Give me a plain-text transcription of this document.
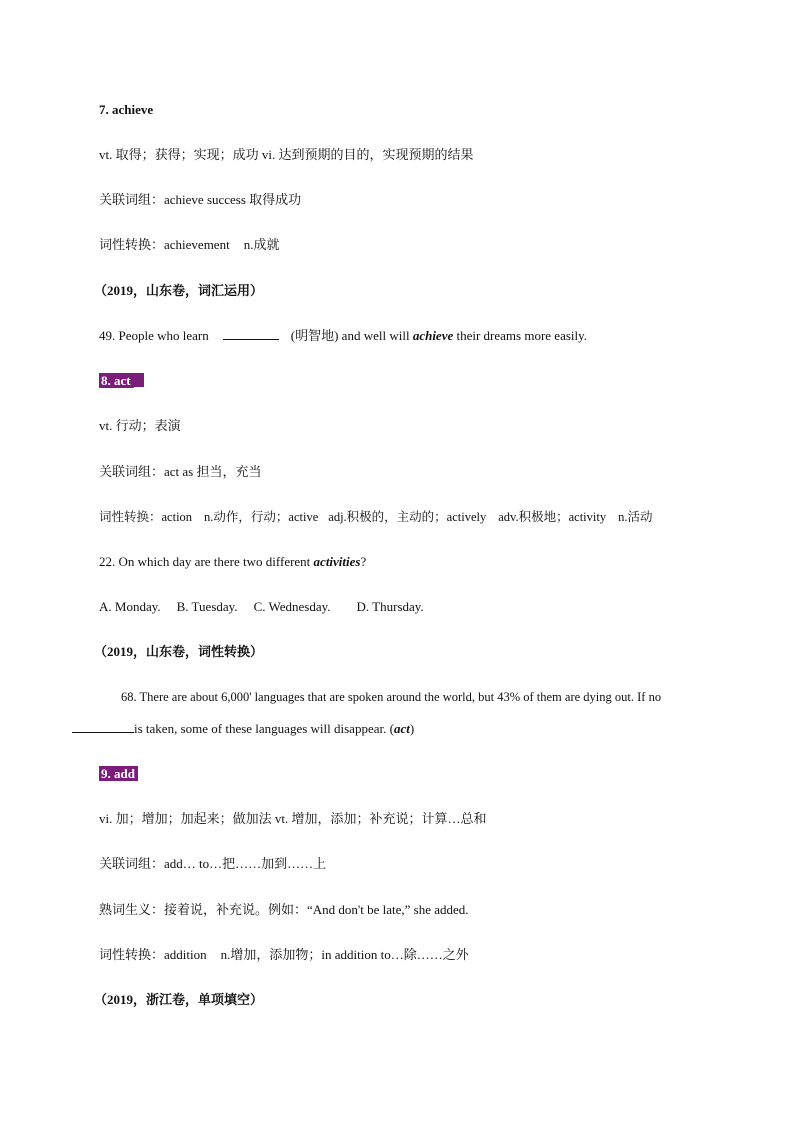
7. achieve
vt. 取得；获得；实现；成功 vi. 达到预期的目的，实现预期的结果
关联词组：achieve success 取得成功
词性转换：achievement n.成就
（2019，山东卷，词汇运用）
49. People who learn	(明智地) and well will achieve their dreams more easily.
8. act
vt. 行动；表演
关联词组：act as 担当，充当
词性转换：action n.动作，行动；active adj.积极的，主动的；actively adv.积极地；activity n.活动
22. On which day are there two different activities?
A. Monday. B. Tuesday. C. Wednesday. D. Thursday.
（2019，山东卷，词性转换）
68. There are about 6,000' languages that are spoken around the world, but 43% of them are dying out. If no
is taken, some of these languages will disappear. (act)
9. add
vi. 加；增加；加起来；做加法 vt. 增加，添加；补充说；计算…总和
关联词组：add… to…把……加到……上
熟词生义：接着说，补充说。例如：“And don't be late,” she added.
词性转换：addition n.增加，添加物；in addition to…除……之外
（2019，浙江卷，单项填空）
